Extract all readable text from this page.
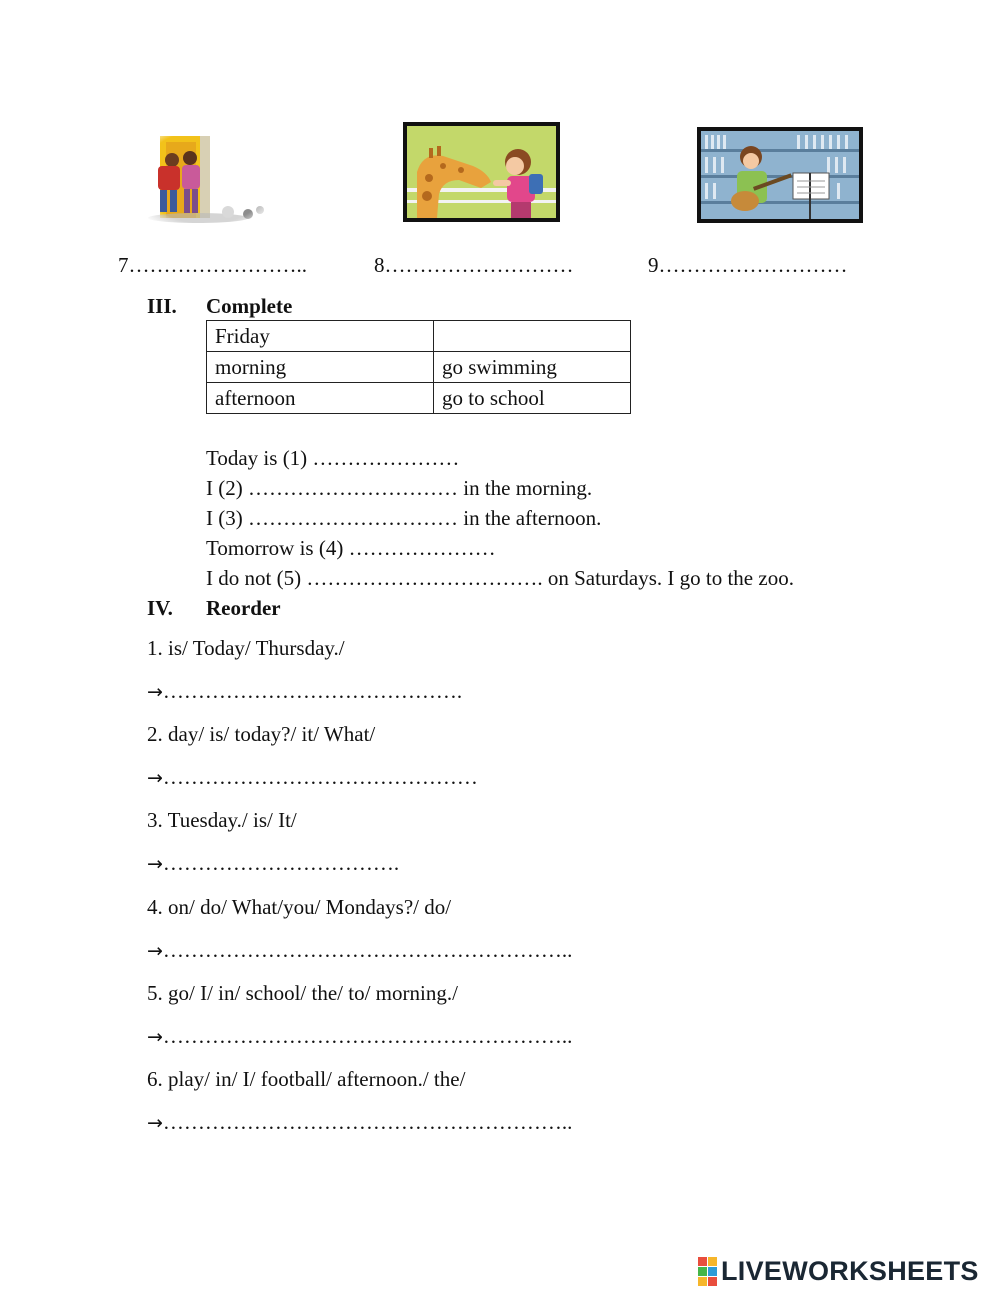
7……………………..	8………………………	9………………………
III. Complete
Friday	
morning	go swimming
afternoon	go to school
Today is (1) …………………
I (2) ………………………… in the morning.
I (3) ………………………… in the afternoon.
Tomorrow is (4) …………………
I do not (5) ……………………………. on Saturdays. I go to the zoo.
IV. Reorder
1. is/ Today/ Thursday./
→…………………………………….
2. day/ is/ today?/ it/ What/
→………………………………………
3. Tuesday./ is/ It/
→…………………………….
4. on/ do/ What/you/ Mondays?/ do/
→…………………………………………………..
5. go/ I/ in/ school/ the/ to/ morning./
→…………………………………………………..
6. play/ in/ I/ football/ afternoon./ the/
→…………………………………………………..
LIVEWORKSHEETS
